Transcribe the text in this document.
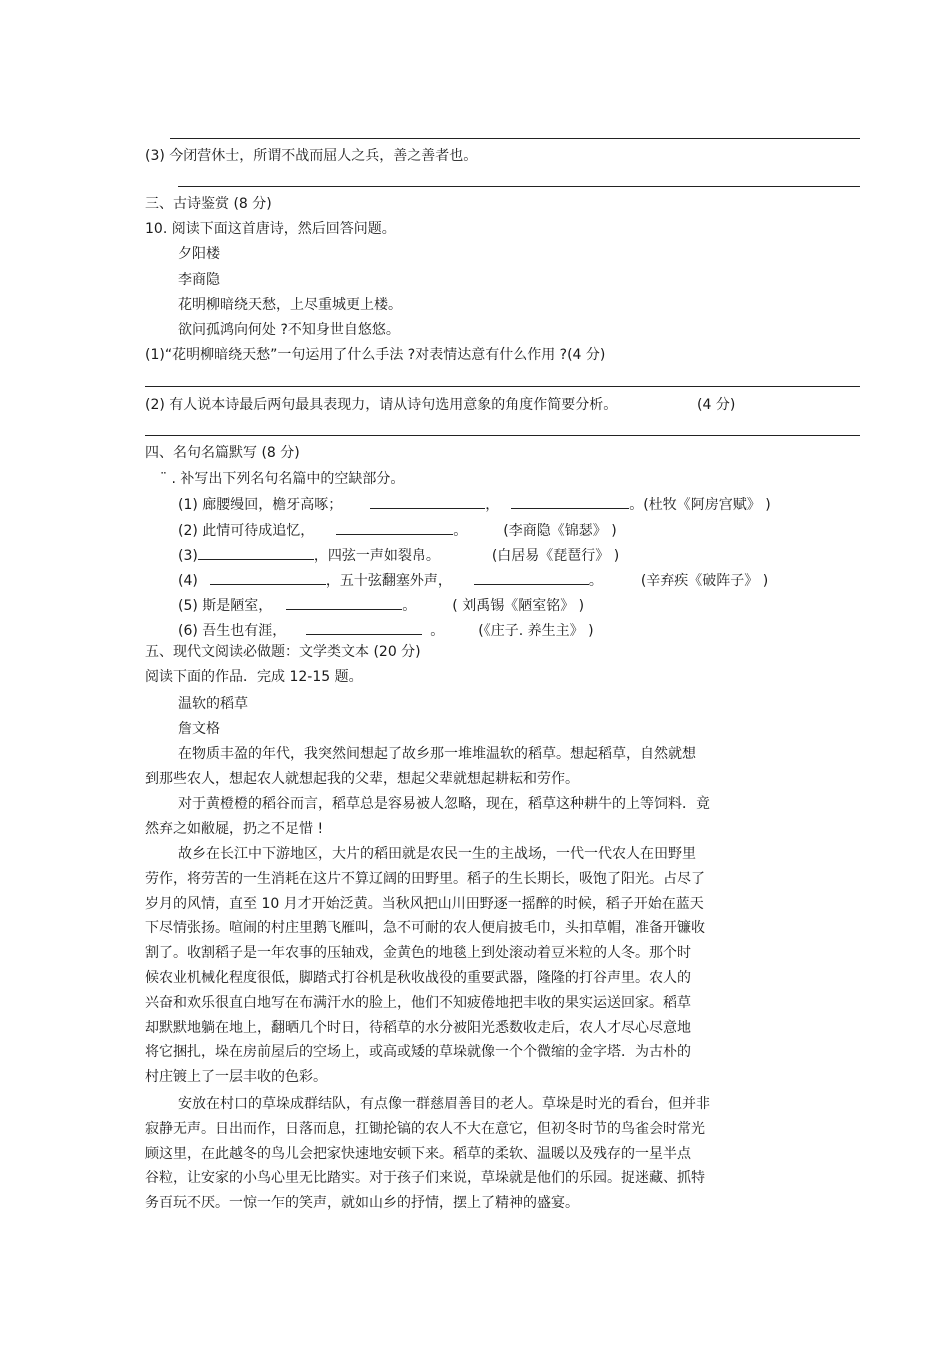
(3) 今闭营休士，所谓不战而屈人之兵，善之善者也。
三、古诗鉴赏 (8 分)
10. 阅读下面这首唐诗，然后回答问题。
夕阳楼
李商隐
花明柳暗绕天愁，上尽重城更上楼。
欲问孤鸿向何处 ?不知身世自悠悠。
(1)“花明柳暗绕天愁”一句运用了什么手法 ?对表情达意有什么作用 ?(4 分)
(2) 有人说本诗最后两句最具表现力，请从诗句选用意象的角度作简要分析。	(4 分)
四、名句名篇默写 (8 分)
¨ . 补写出下列名句名篇中的空缺部分。
(1) 廊腰缦回，檐牙高啄；	，	。(杜牧《阿房宫赋》 )
(2) 此情可待成追忆，	。	(李商隐《锦瑟》 )
(3)	，四弦一声如裂帛。	(白居易《琵琶行》 )
(4)	，五十弦翻塞外声，	。	(辛弃疾《破阵子》 )
(5) 斯是陋室，	。	( 刘禹锡《陋室铭》 )
(6) 吾生也有涯，	。 (《庄子. 养生主》 )
五、现代文阅读必做题：文学类文本 (20 分)
阅读下面的作品．完成 12-15 题。
温软的稻草
詹文格
在物质丰盈的年代，我突然间想起了故乡那一堆堆温软的稻草。想起稻草，自然就想
到那些农人，想起农人就想起我的父辈，想起父辈就想起耕耘和劳作。
对于黄橙橙的稻谷而言，稻草总是容易被人忽略，现在，稻草这种耕牛的上等饲料．竟
然弃之如敝屣，扔之不足惜 !
故乡在长江中下游地区，大片的稻田就是农民一生的主战场，一代一代农人在田野里
劳作，将劳苦的一生消耗在这片不算辽阔的田野里。稻子的生长期长，吸饱了阳光。占尽了
岁月的风情，直至 10 月才开始泛黄。当秋风把山川田野逐一摇醉的时候，稻子开始在蓝天
下尽情张扬。喧闹的村庄里鹅飞雁叫，急不可耐的农人便肩披毛巾，头扣草帽，准备开镰收
割了。收割稻子是一年农事的压轴戏，金黄色的地毯上到处滚动着豆米粒的人冬。那个时
候农业机械化程度很低，脚踏式打谷机是秋收战役的重要武器，隆隆的打谷声里。农人的
兴奋和欢乐很直白地写在布满汗水的脸上，他们不知疲倦地把丰收的果实运送回家。稻草
却默默地躺在地上，翻晒几个时日，待稻草的水分被阳光悉数收走后，农人才尽心尽意地
将它捆扎，垛在房前屋后的空场上，或高或矮的草垛就像一个个微缩的金字塔．为古朴的
村庄镀上了一层丰收的色彩。
安放在村口的草垛成群结队，有点像一群慈眉善目的老人。草垛是时光的看台，但并非
寂静无声。日出而作，日落而息，扛锄抡镐的农人不大在意它，但初冬时节的鸟雀会时常光
顾这里，在此越冬的鸟儿会把家快速地安顿下来。稻草的柔软、温暖以及残存的一星半点
谷粒，让安家的小鸟心里无比踏实。对于孩子们来说，草垛就是他们的乐园。捉迷藏、抓特
务百玩不厌。一惊一乍的笑声，就如山乡的抒情，摆上了精神的盛宴。
